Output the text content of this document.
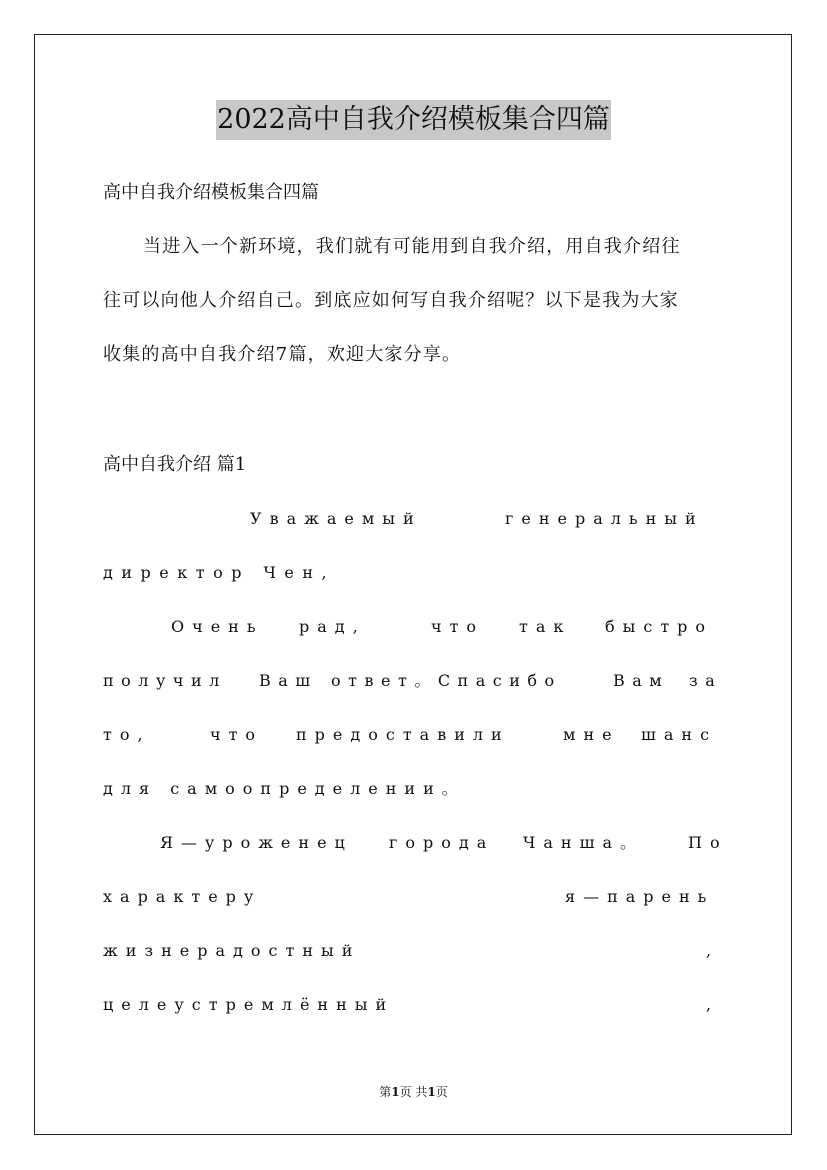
2022高中自我介绍模板集合四篇
高中自我介绍模板集合四篇
当进入一个新环境，我们就有可能用到自我介绍，用自我介绍往
往可以向他人介绍自己。到底应如何写自我介绍呢？以下是我为大家
收集的高中自我介绍7篇，欢迎大家分享。
高中自我介绍 篇1
Уважаемый	генеральный
директор Чен,
Очень рад,	что так быстро
получил Ваш ответ。Спасибо	Вам за
то,	что предоставили	мне шанс
для самоопределении。
Я—уроженец города Чанша。	По
характеру	я—парень
жизнерадостный	,
целеустремлённый	,
第1页 共1页
